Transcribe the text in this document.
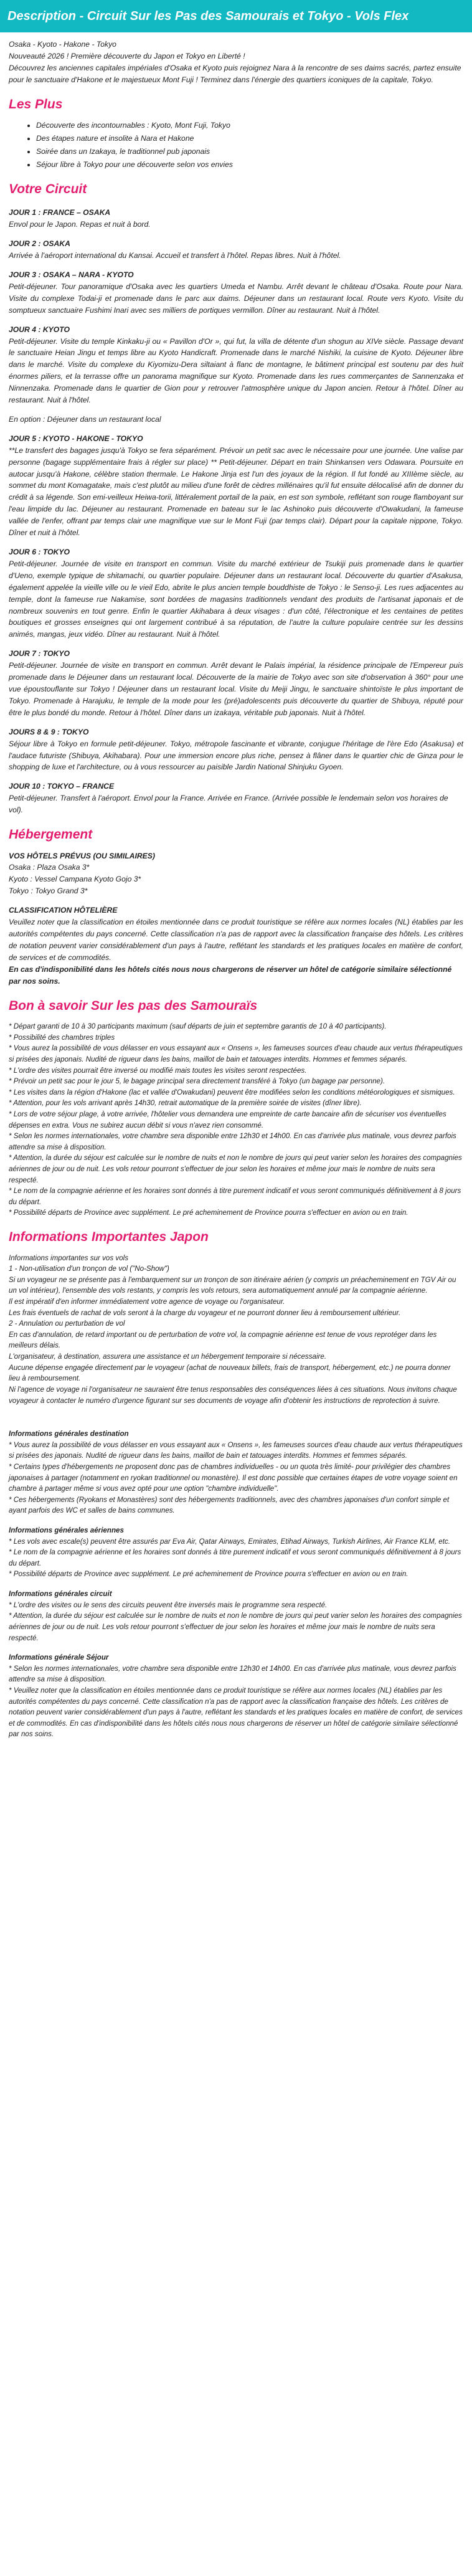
Description - Circuit Sur les Pas des Samourais et Tokyo - Vols Flex
Osaka - Kyoto - Hakone - Tokyo
Nouveauté 2026 ! Première découverte du Japon et Tokyo en Liberté !
Découvrez les anciennes capitales impériales d'Osaka et Kyoto puis rejoignez Nara à la rencontre de ses daims sacrés, partez ensuite pour le sanctuaire d'Hakone et le majestueux Mont Fuji ! Terminez dans l'énergie des quartiers iconiques de la capitale, Tokyo.
Les Plus
• Découverte des incontournables : Kyoto, Mont Fuji, Tokyo
• Des étapes nature et insolite à Nara et Hakone
• Soirée dans un Izakaya, le traditionnel pub japonais
• Séjour libre à Tokyo pour une découverte selon vos envies
Votre Circuit
JOUR 1 : FRANCE – OSAKA
Envol pour le Japon. Repas et nuit à bord.
JOUR 2 : OSAKA
Arrivée à l'aéroport international du Kansai. Accueil et transfert à l'hôtel. Repas libres. Nuit à l'hôtel.
JOUR 3 : OSAKA – NARA - KYOTO
Petit-déjeuner. Tour panoramique d'Osaka avec les quartiers Umeda et Nambu. Arrêt devant le château d'Osaka. Route pour Nara. Visite du complexe Todai-ji et promenade dans le parc aux daims. Déjeuner dans un restaurant local. Route vers Kyoto. Visite du somptueux sanctuaire Fushimi Inari avec ses milliers de portiques vermillon. Dîner au restaurant. Nuit à l'hôtel.
JOUR 4 : KYOTO
Petit-déjeuner. Visite du temple Kinkaku-ji ou « Pavillon d'Or », qui fut, la villa de détente d'un shogun au XIVe siècle. Passage devant le sanctuaire Heian Jingu et temps libre au Kyoto Handicraft. Promenade dans le marché Nishiki, la cuisine de Kyoto. Déjeuner libre dans le marché. Visite du complexe du Kiyomizu-Dera siltaiant à flanc de montagne, le bâtiment principal est soutenu par des huit énormes piliers, et la terrasse offre un panorama magnifique sur Kyoto. Promenade dans les rues commerçantes de Sannenzaka et Ninnenzaka. Promenade dans le quartier de Gion pour y retrouver l'atmosphère unique du Japon ancien. Retour à l'hôtel. Dîner au restaurant. Nuit à l'hôtel.
En option : Déjeuner dans un restaurant local
JOUR 5 : KYOTO - HAKONE - TOKYO
**Le transfert des bagages jusqu'à Tokyo se fera séparément. Prévoir un petit sac avec le nécessaire pour une journée. Une valise par personne (bagage supplémentaire frais à régler sur place) ** Petit-déjeuner. Départ en train Shinkansen vers Odawara. Poursuite en autocar jusqu'à Hakone, célèbre station thermale. Le Hakone Jinja est l'un des joyaux de la région. Il fut fondé au XIIIème siècle, au sommet du mont Komagatake, mais c'est plutôt au milieu d'une forêt de cèdres millénaires qu'il fut ensuite délocalisé afin de donner du crédit à sa légende. Son emi-veilleux Heiwa-torii, littéralement portail de la paix, en est son symbole, reflétant son rouge flamboyant sur l'eau limpide du lac. Déjeuner au restaurant. Promenade en bateau sur le lac Ashinoko puis découverte d'Owakudani, la fameuse vallée de l'enfer, offrant par temps clair une magnifique vue sur le Mont Fuji (par temps clair). Départ pour la capitale nippone, Tokyo. Dîner et nuit à l'hôtel.
JOUR 6 : TOKYO
Petit-déjeuner. Journée de visite en transport en commun. Visite du marché extérieur de Tsukiji puis promenade dans le quartier d'Ueno, exemple typique de shitamachi, ou quartier populaire. Déjeuner dans un restaurant local. Découverte du quartier d'Asakusa, également appelée la vieille ville ou le vieil Edo, abrite le plus ancien temple bouddhiste de Tokyo : le Senso-ji. Les rues adjacentes au temple, dont la fameuse rue Nakamise, sont bordées de magasins traditionnels vendant des produits de l'artisanat japonais et de nombreux souvenirs en tout genre. Enfin le quartier Akihabara à deux visages : d'un côté, l'électronique et les centaines de petites boutiques et grosses enseignes qui ont largement contribué à sa réputation, de l'autre la culture populaire centrée sur les dessins animés, mangas, jeux vidéo. Dîner au restaurant. Nuit à l'hôtel.
JOUR 7 : TOKYO
Petit-déjeuner. Journée de visite en transport en commun. Arrêt devant le Palais impérial, la résidence principale de l'Empereur puis promenade dans le Déjeuner dans un restaurant local. Découverte de la mairie de Tokyo avec son site d'observation à 360° pour une vue époustouflante sur Tokyo ! Déjeuner dans un restaurant local. Visite du Meiji Jingu, le sanctuaire shintoïste le plus important de Tokyo. Promenade à Harajuku, le temple de la mode pour les (pré)adolescents puis découverte du quartier de Shibuya, réputé pour être le plus bondé du monde. Retour à l'hôtel. Dîner dans un izakaya, véritable pub japonais. Nuit à l'hôtel.
JOURS 8 & 9 : TOKYO
Séjour libre à Tokyo en formule petit-déjeuner. Tokyo, métropole fascinante et vibrante, conjugue l'héritage de l'ère Edo (Asakusa) et l'audace futuriste (Shibuya, Akihabara). Pour une immersion encore plus riche, pensez à flâner dans le quartier chic de Ginza pour le shopping de luxe et l'architecture, ou à vous ressourcer au paisible Jardin National Shinjuku Gyoen.
JOUR 10 : TOKYO – FRANCE
Petit-déjeuner. Transfert à l'aéroport. Envol pour la France. Arrivée en France. (Arrivée possible le lendemain selon vos horaires de vol).
Hébergement
VOS HÔTELS PRÉVUS (OU SIMILAIRES)
Osaka : Plaza Osaka 3*
Kyoto : Vessel Campana Kyoto Gojo 3*
Tokyo : Tokyo Grand 3*
CLASSIFICATION HÔTELIÈRE
Veuillez noter que la classification en étoiles mentionnée dans ce produit touristique se réfère aux normes locales (NL) établies par les autorités compétentes du pays concerné. Cette classification n'a pas de rapport avec la classification française des hôtels. Les critères de notation peuvent varier considérablement d'un pays à l'autre, reflétant les standards et les pratiques locales en matière de confort, de services et de commodités.
En cas d'indisponibilité dans les hôtels cités nous nous chargerons de réserver un hôtel de catégorie similaire sélectionné par nos soins.
Bon à savoir Sur les pas des Samouraïs
* Départ garanti de 10 à 30 participants maximum (sauf départs de juin et septembre garantis de 10 à 40 participants).
* Possibilité des chambres triples
* Vous aurez la possibilité de vous délasser en vous essayant aux « Onsens », les fameuses sources d'eau chaude aux vertus thérapeutiques si prisées des japonais. Nudité de rigueur dans les bains, maillot de bain et tatouages interdits. Hommes et femmes séparés.
* L'ordre des visites pourrait être inversé ou modifié mais toutes les visites seront respectées.
* Prévoir un petit sac pour le jour 5, le bagage principal sera directement transféré à Tokyo (un bagage par personne).
* Les visites dans la région d'Hakone (lac et vallée d'Owakudani) peuvent être modifiées selon les conditions météorologiques et sismiques.
* Attention, pour les vols arrivant après 14h30, retrait automatique de la première soirée de visites (dîner libre).
* Lors de votre séjour plage, à votre arrivée, l'hôtelier vous demandera une empreinte de carte bancaire afin de sécuriser vos éventuelles dépenses en extra. Vous ne subirez aucun débit si vous n'avez rien consommé.
* Selon les normes internationales, votre chambre sera disponible entre 12h30 et 14h00. En cas d'arrivée plus matinale, vous devrez parfois attendre sa mise à disposition.
* Attention, la durée du séjour est calculée sur le nombre de nuits et non le nombre de jours qui peut varier selon les horaires des compagnies aériennes de jour ou de nuit. Les vols retour pourront s'effectuer de jour selon les horaires et même jour mais le nombre de nuits sera respecté.
* Le nom de la compagnie aérienne et les horaires sont donnés à titre purement indicatif et vous seront communiqués définitivement à 8 jours du départ.
* Possibilité départs de Province avec supplément. Le pré acheminement de Province pourra s'effectuer en avion ou en train.
Informations Importantes Japon
Informations importantes sur vos vols
1 - Non-utilisation d'un tronçon de vol ("No-Show")
Si un voyageur ne se présente pas à l'embarquement sur un tronçon de son itinéraire aérien (y compris un préacheminement en TGV Air ou un vol intérieur), l'ensemble des vols restants, y compris les vols retours, sera automatiquement annulé par la compagnie aérienne.
Il est impératif d'en informer immédiatement votre agence de voyage ou l'organisateur.
Les frais éventuels de rachat de vols seront à la charge du voyageur et ne pourront donner lieu à remboursement ultérieur.
2 - Annulation ou perturbation de vol
En cas d'annulation, de retard important ou de perturbation de votre vol, la compagnie aérienne est tenue de vous reprotéger dans les meilleurs délais.
L'organisateur, à destination, assurera une assistance et un hébergement temporaire si nécessaire.
Aucune dépense engagée directement par le voyageur (achat de nouveaux billets, frais de transport, hébergement, etc.) ne pourra donner lieu à remboursement.
Ni l'agence de voyage ni l'organisateur ne sauraient être tenus responsables des conséquences liées à ces situations. Nous invitons chaque voyageur à contacter le numéro d'urgence figurant sur ses documents de voyage afin d'obtenir les instructions de reprotection à suivre.
Informations générales destination
* Vous aurez la possibilité de vous délasser en vous essayant aux « Onsens », les fameuses sources d'eau chaude aux vertus thérapeutiques si prisées des japonais. Nudité de rigueur dans les bains, maillot de bain et tatouages interdits. Hommes et femmes séparés.
* Certains types d'hébergements ne proposent donc pas de chambres individuelles - ou un quota très limité- pour privilégier des chambres japonaises à partager (notamment en ryokan traditionnel ou monastère). Il est donc possible que certaines étapes de votre voyage soient en chambre à partager même si vous avez opté pour une option "chambre individuelle".
* Ces hébergements (Ryokans et Monastères) sont des hébergements traditionnels, avec des chambres japonaises d'un confort simple et ayant parfois des WC et salles de bains communes.
Informations générales aériennes
* Les vols avec escale(s) peuvent être assurés par Eva Air, Qatar Airways, Emirates, Etihad Airways, Turkish Airlines, Air France KLM, etc.
* Le nom de la compagnie aérienne et les horaires sont donnés à titre purement indicatif et vous seront communiqués définitivement à 8 jours du départ.
* Possibilité départs de Province avec supplément. Le pré acheminement de Province pourra s'effectuer en avion ou en train.
Informations générales circuit
* L'ordre des visites ou le sens des circuits peuvent être inversés mais le programme sera respecté.
* Attention, la durée du séjour est calculée sur le nombre de nuits et non le nombre de jours qui peut varier selon les horaires des compagnies aériennes de jour ou de nuit. Les vols retour pourront s'effectuer de jour selon les horaires et même jour mais le nombre de nuits sera respecté.
Informations générale Séjour
* Selon les normes internationales, votre chambre sera disponible entre 12h30 et 14h00. En cas d'arrivée plus matinale, vous devrez parfois attendre sa mise à disposition.
* Veuillez noter que la classification en étoiles mentionnée dans ce produit touristique se réfère aux normes locales (NL) établies par les autorités compétentes du pays concerné. Cette classification n'a pas de rapport avec la classification française des hôtels. Les critères de notation peuvent varier considérablement d'un pays à l'autre, reflétant les standards et les pratiques locales en matière de confort, de services et de commodités. En cas d'indisponibilité dans les hôtels cités nous nous chargerons de réserver un hôtel de catégorie similaire sélectionné par nos soins.
